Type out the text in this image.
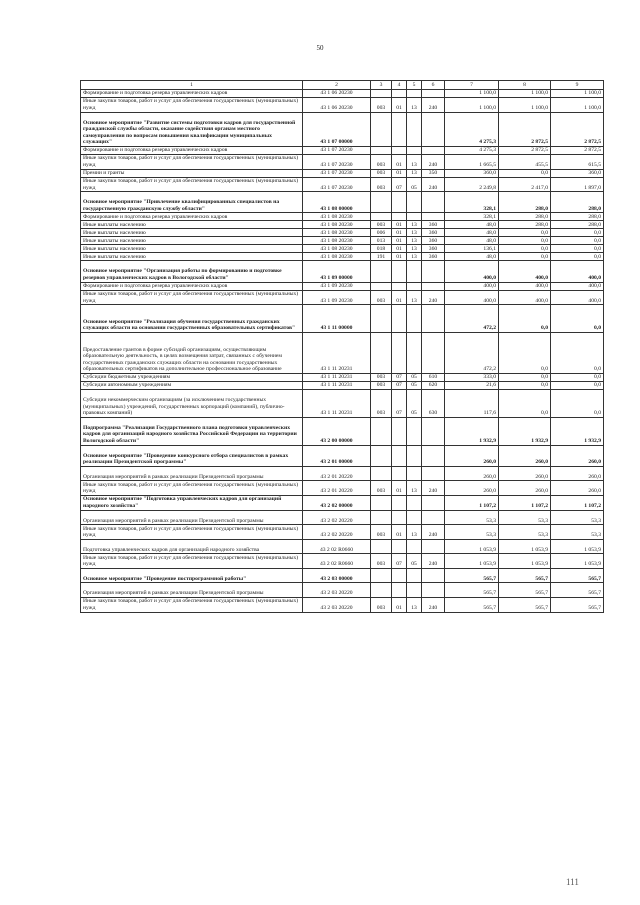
50
1	2	3	4	5	6	7	8	9
Формирование и подготовка резерва управленческих кадров	43 1 06 20230					1 100,0	1 100,0	1 100,0
Иные закупки товаров, работ и услуг для обеспечения государственных (муниципальных) нужд	43 1 06 20230	003	01	13	240	1 100,0	1 100,0	1 100,0
Основное мероприятие "Развитие системы подготовки кадров для государственной гражданской службы области, оказание содействия органам местного самоуправления по вопросам повышения квалификации муниципальных служащих"	43 1 07 00000					4 275,3	2 872,5	2 872,5
Формирование и подготовка резерва управленческих кадров	43 1 07 20230					4 275,3	2 872,5	2 872,5
Иные закупки товаров, работ и услуг для обеспечения государственных (муниципальных) нужд	43 1 07 20230	003	01	13	240	1 665,5	455,5	615,5
Премии и гранты	43 1 07 20230	003	01	13	350	360,0	0,0	360,0
Иные закупки товаров, работ и услуг для обеспечения государственных (муниципальных) нужд	43 1 07 20230	003	07	05	240	2 249,8	2 417,0	1 897,0
Основное мероприятие "Привлечение квалифицированных специалистов на государственную гражданскую службу области"	43 1 08 00000					328,1	288,0	288,0
Формирование и подготовка резерва управленческих кадров	43 1 08 20230					328,1	288,0	288,0
Иные выплаты населению	43 1 08 20230	003	01	13	360	48,0	288,0	288,0
Иные выплаты населению	43 1 08 20230	006	01	13	360	48,0	0,0	0,0
Иные выплаты населению	43 1 08 20230	013	01	13	360	48,0	0,0	0,0
Иные выплаты населению	43 1 08 20230	018	01	13	360	136,1	0,0	0,0
Иные выплаты населению	43 1 08 20230	191	01	13	360	48,0	0,0	0,0
Основное мероприятие "Организация работы по формированию и подготовке резервов управленческих кадров в Вологодской области"	43 1 09 00000					400,0	400,0	400,0
Формирование и подготовка резерва управленческих кадров	43 1 09 20230					400,0	400,0	400,0
Иные закупки товаров, работ и услуг для обеспечения государственных (муниципальных) нужд	43 1 09 20230	003	01	13	240	400,0	400,0	400,0
Основное мероприятие "Реализация обучения государственных гражданских служащих области на основании государственных образовательных сертификатов"	43 1 11 00000					472,2	0,0	0,0
Предоставление грантов в форме субсидий организациям, осуществляющим образовательную деятельность, в целях возмещения затрат, связанных с обучением государственных гражданских служащих области на основании государственных образовательных сертификатов на дополнительное профессиональное образование	43 1 11 20231					472,2	0,0	0,0
Субсидии бюджетным учреждениям	43 1 11 20231	003	07	05	610	333,0	0,0	0,0
Субсидии автономным учреждениям	43 1 11 20231	003	07	05	620	21,6	0,0	0,0
Субсидии некоммерческим организациям (за исключением государственных (муниципальных) учреждений, государственных корпораций (компаний), публично-правовых компаний)	43 1 11 20231	003	07	05	630	117,6	0,0	0,0
Подпрограмма "Реализация Государственного плана подготовки управленческих кадров для организаций народного хозяйства Российской Федерации на территории Вологодской области"	43 2 00 00000					1 932,9	1 932,9	1 932,9
Основное мероприятие "Проведение конкурсного отбора специалистов в рамках реализации Президентской программы"	43 2 01 00000					260,0	260,0	260,0
Организация мероприятий в рамках реализации Президентской программы	43 2 01 20220					260,0	260,0	260,0
Иные закупки товаров, работ и услуг для обеспечения государственных (муниципальных) нужд	43 2 01 20220	003	01	13	240	260,0	260,0	260,0
Основное мероприятие "Подготовка управленческих кадров для организаций народного хозяйства"	43 2 02 00000					1 107,2	1 107,2	1 107,2
Организация мероприятий в рамках реализации Президентской программы	43 2 02 20220					53,3	53,3	53,3
Иные закупки товаров, работ и услуг для обеспечения государственных (муниципальных) нужд	43 2 02 20220	003	01	13	240	53,3	53,3	53,3
Подготовка управленческих кадров для организаций народного хозяйства	43 2 02 R0660					1 053,9	1 053,9	1 053,9
Иные закупки товаров, работ и услуг для обеспечения государственных (муниципальных) нужд	43 2 02 R0660	003	07	05	240	1 053,9	1 053,9	1 053,9
Основное мероприятие "Проведение постпрограммной работы"	43 2 03 00000					565,7	565,7	565,7
Организация мероприятий в рамках реализации Президентской программы	43 2 03 20220					565,7	565,7	565,7
Иные закупки товаров, работ и услуг для обеспечения государственных (муниципальных) нужд	43 2 03 20220	003	01	13	240	565,7	565,7	565,7
111
